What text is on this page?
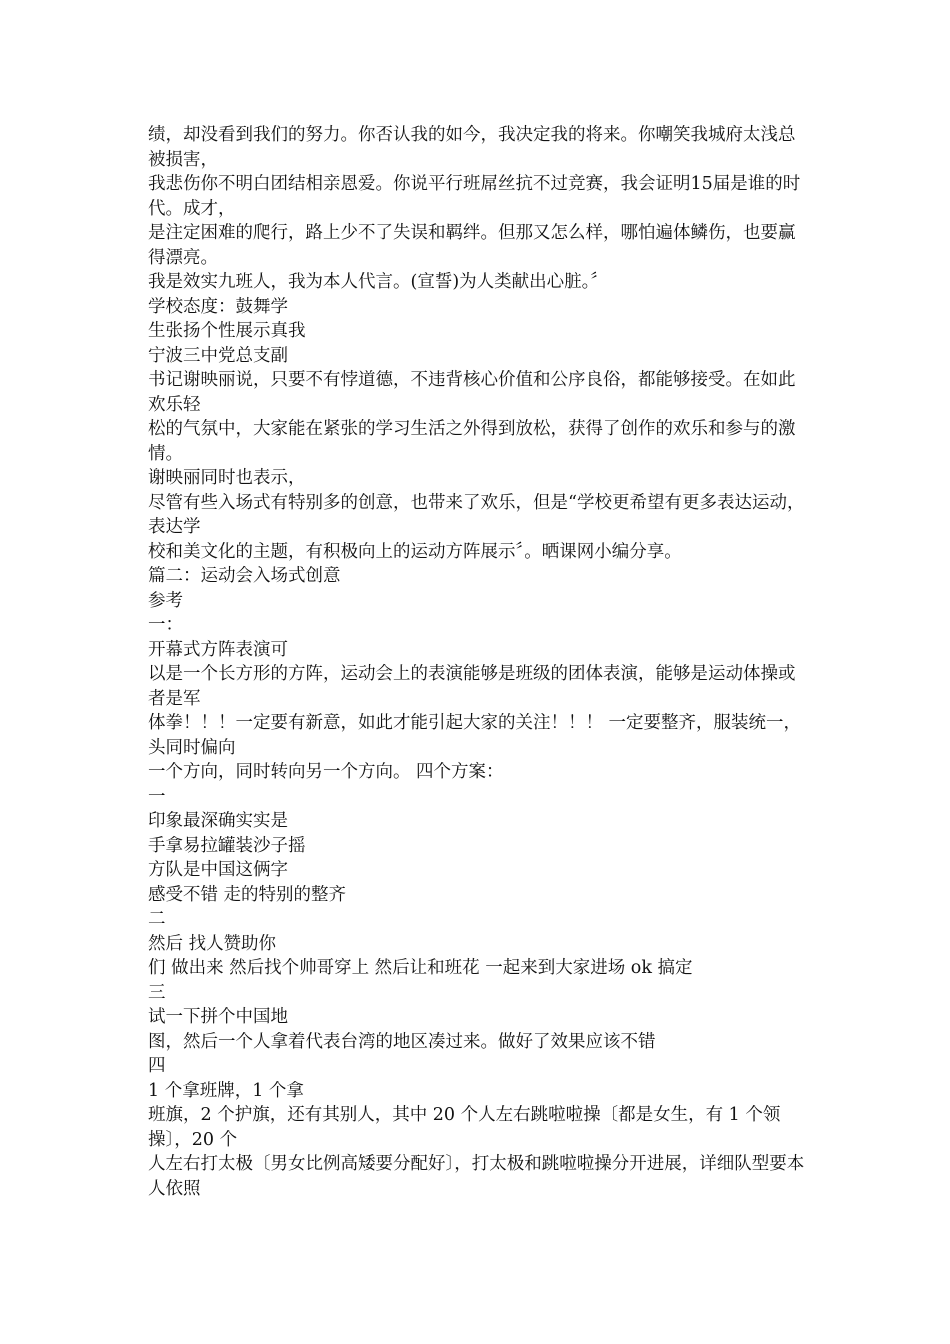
绩，却没看到我们的努力。你否认我的如今，我决定我的将来。你嘲笑我城府太浅总被损害，

我悲伤你不明白团结相亲恩爱。你说平行班屌丝抗不过竞赛，我会证明15届是谁的时代。成才，

是注定困难的爬行，路上少不了失误和羁绊。但那又怎么样，哪怕遍体鳞伤，也要赢得漂亮。

我是效实九班人，我为本人代言。(宣誓)为人类献出心脏。〞

学校态度：鼓舞学

生张扬个性展示真我

宁波三中党总支副

书记谢映丽说，只要不有悖道德，不违背核心价值和公序良俗，都能够接受。在如此欢乐轻

松的气氛中，大家能在紧张的学习生活之外得到放松，获得了创作的欢乐和参与的激情。

谢映丽同时也表示，

尽管有些入场式有特别多的创意，也带来了欢乐，但是“学校更希望有更多表达运动，表达学

校和美文化的主题，有积极向上的运动方阵展示〞。晒课网小编分享。

篇二：运动会入场式创意

参考

一：

开幕式方阵表演可

以是一个长方形的方阵，运动会上的表演能够是班级的团体表演，能够是运动体操或者是军

体拳！！！一定要有新意，如此才能引起大家的关注！！！ 一定要整齐，服装统一，头同时偏向

一个方向，同时转向另一个方向。 四个方案：

一

印象最深确实实是

手拿易拉罐装沙子摇

方队是中国这俩字

感受不错 走的特别的整齐

二

然后 找人赞助你

们 做出来 然后找个帅哥穿上 然后让和班花 一起来到大家进场 ok 搞定

三

试一下拼个中国地

图，然后一个人拿着代表台湾的地区凑过来。做好了效果应该不错

四

1 个拿班牌，1 个拿

班旗，2 个护旗，还有其别人，其中 20 个人左右跳啦啦操〔都是女生，有 1 个领操〕，20 个

人左右打太极〔男女比例高矮要分配好〕，打太极和跳啦啦操分开进展，详细队型要本人依照
